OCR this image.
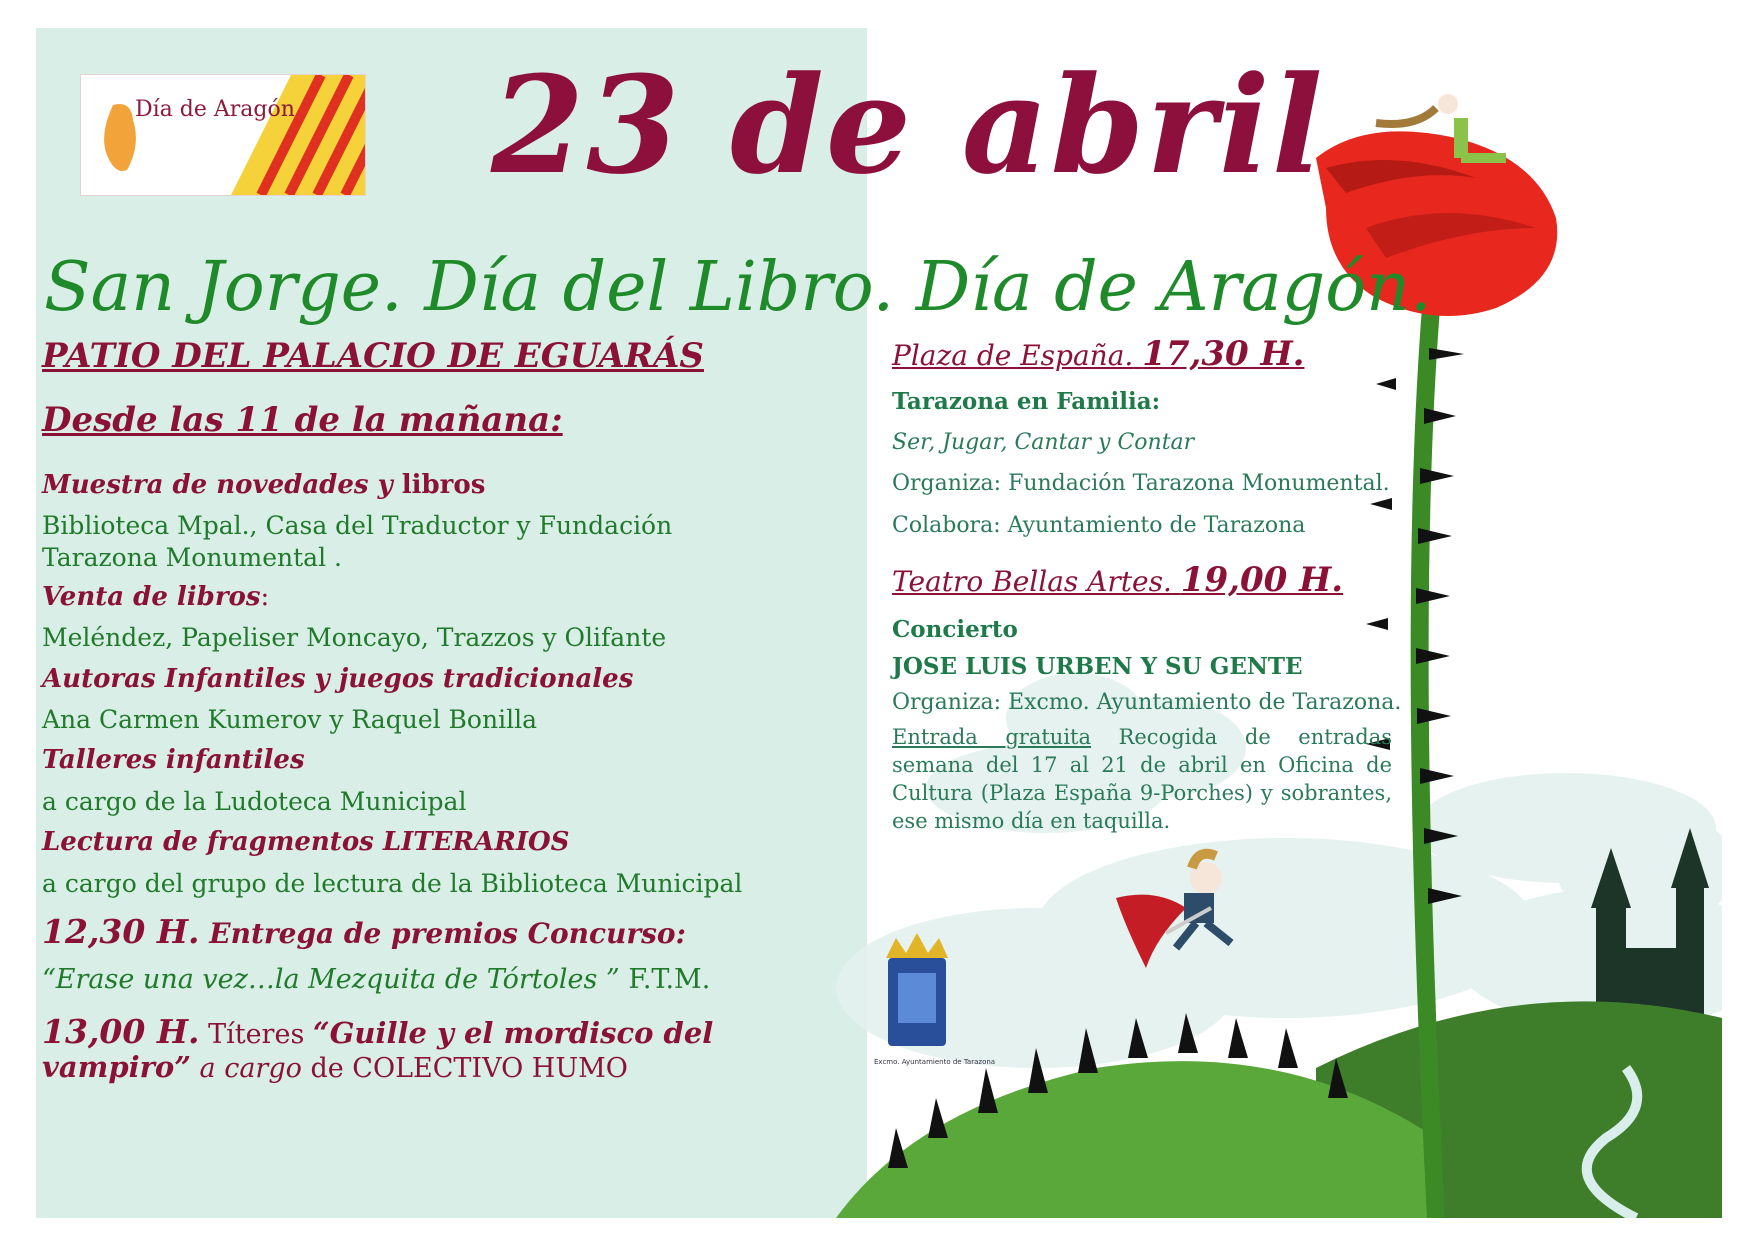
Día de Aragón 23 de abril
San Jorge. Día del Libro. Día de Aragón.
PATIO DEL PALACIO DE EGUARÁS
Desde las 11 de la mañana:
Muestra de novedades y libros
Biblioteca Mpal., Casa del Traductor y Fundación Tarazona Monumental .
Venta de libros:
Meléndez, Papeliser Moncayo, Trazzos y Olifante
Autoras Infantiles y juegos tradicionales
Ana Carmen Kumerov y Raquel Bonilla
Talleres infantiles
a cargo de la Ludoteca Municipal
Lectura de fragmentos LITERARIOS
a cargo del grupo de lectura de la Biblioteca Municipal
12,30 H. Entrega de premios Concurso:
“Erase una vez…la Mezquita de Tórtoles ” F.T.M.
13,00 H. Títeres “Guille y el mordisco del
vampiro” a cargo de COLECTIVO HUMO
Plaza de España. 17,30 H.
Tarazona en Familia:
Ser, Jugar, Cantar y Contar
Organiza: Fundación Tarazona Monumental.
Colabora: Ayuntamiento de Tarazona
Teatro Bellas Artes. 19,00 H.
Concierto
JOSE LUIS URBEN Y SU GENTE
Organiza: Excmo. Ayuntamiento de Tarazona.
Entrada gratuita Recogida de entradas semana del 17 al 21 de abril en Oficina de Cultura (Plaza España 9-Porches) y sobrantes, ese mismo día en taquilla.
Excmo. Ayuntamiento de Tarazona
